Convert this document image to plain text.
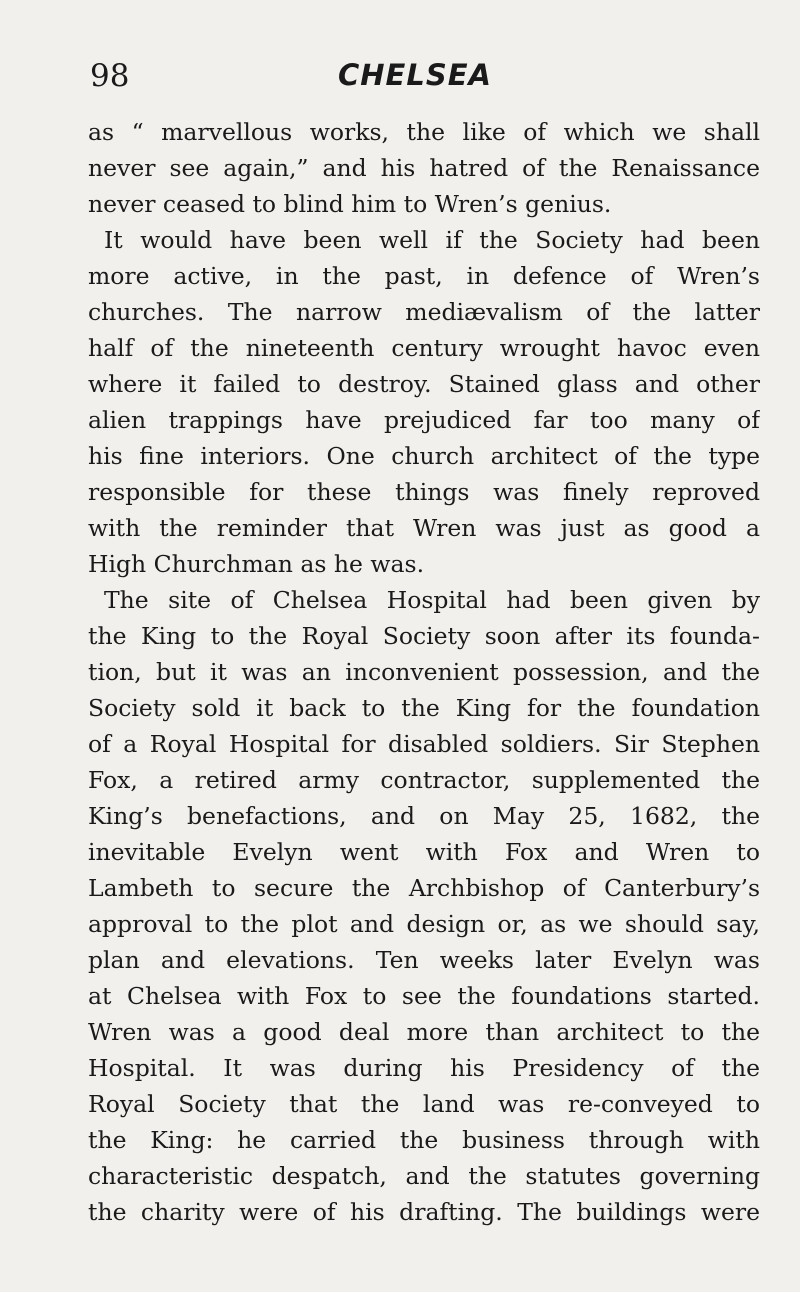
98	CHELSEA
as “ marvellous works, the like of which we shall
never see again,” and his hatred of the Renaissance
never ceased to blind him to Wren’s genius.
It would have been well if the Society had been
more active, in the past, in defence of Wren’s
churches. The narrow mediævalism of the latter
half of the nineteenth century wrought havoc even
where it failed to destroy. Stained glass and other
alien trappings have prejudiced far too many of
his fine interiors. One church architect of the type
responsible for these things was finely reproved
with the reminder that Wren was just as good a
High Churchman as he was.
The site of Chelsea Hospital had been given by
the King to the Royal Society soon after its founda-
tion, but it was an inconvenient possession, and the
Society sold it back to the King for the foundation
of a Royal Hospital for disabled soldiers. Sir Stephen
Fox, a retired army contractor, supplemented the
King’s benefactions, and on May 25, 1682, the
inevitable Evelyn went with Fox and Wren to
Lambeth to secure the Archbishop of Canterbury’s
approval to the plot and design or, as we should say,
plan and elevations. Ten weeks later Evelyn was
at Chelsea with Fox to see the foundations started.
Wren was a good deal more than architect to the
Hospital. It was during his Presidency of the
Royal Society that the land was re-conveyed to
the King: he carried the business through with
characteristic despatch, and the statutes governing
the charity were of his drafting. The buildings were
